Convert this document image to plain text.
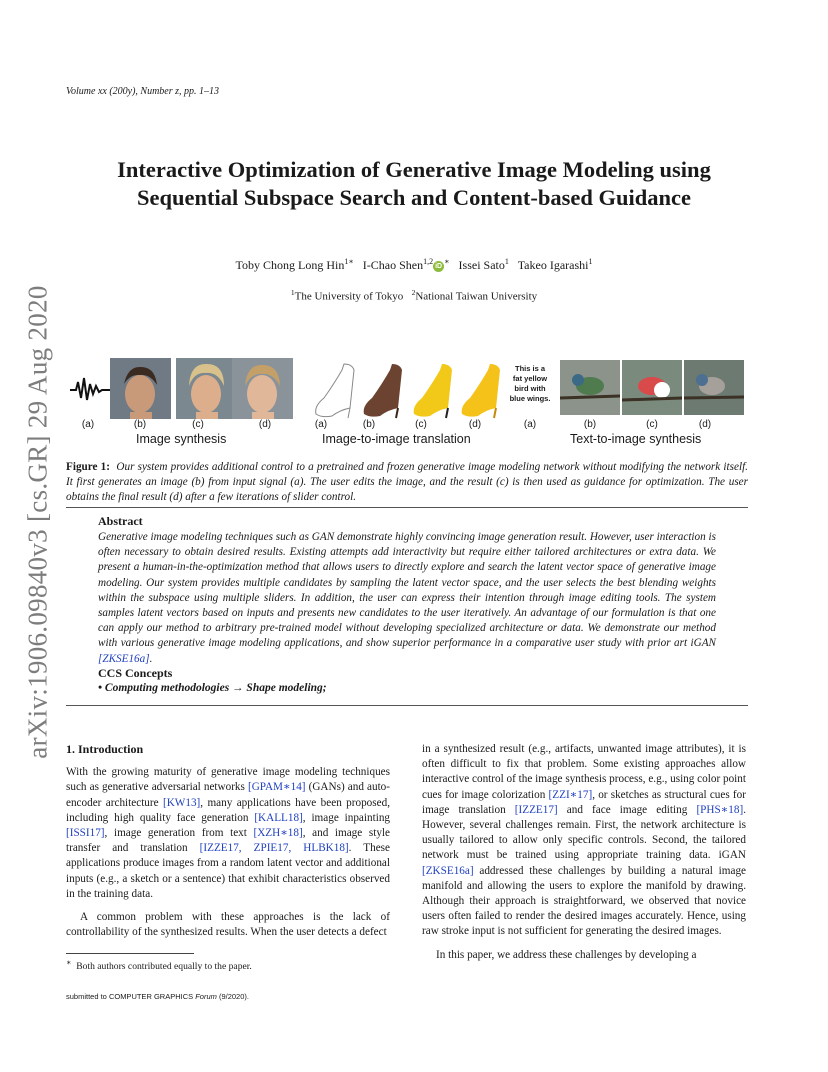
Volume xx (200y), Number z, pp. 1–13
arXiv:1906.09840v3 [cs.GR] 29 Aug 2020
Interactive Optimization of Generative Image Modeling using
Sequential Subspace Search and Content-based Guidance
Toby Chong Long Hin$^{1∗}$ I-Chao Shen$^{1,2}$iD∗ Issei Sato$^1$ Takeo Igarashi$^1$
$^1$The University of Tokyo $^2$National Taiwan University
(a)	(b)	(c)	(d)
Image synthesis
(a)	(b)	(c)	(d)
Image-to-image translation
This is a
fat yellow
bird with
blue wings.
(a)	(b)	(c)	(d)
Text-to-image synthesis
Figure 1: Our system provides additional control to a pretrained and frozen generative image modeling network without modifying the network itself. It first generates an image (b) from input signal (a). The user edits the image, and the result (c) is then used as guidance for optimization. The user obtains the final result (d) after a few iterations of slider control.
Abstract
Generative image modeling techniques such as GAN demonstrate highly convincing image generation result. However, user interaction is often necessary to obtain desired results. Existing attempts add interactivity but require either tailored architectures or extra data. We present a human-in-the-optimization method that allows users to directly explore and search the latent vector space of generative image modeling. Our system provides multiple candidates by sampling the latent vector space, and the user selects the best blending weights within the subspace using multiple sliders. In addition, the user can express their intention through image editing tools. The system samples latent vectors based on inputs and presents new candidates to the user iteratively. An advantage of our formulation is that one can apply our method to arbitrary pre-trained model without developing specialized architecture or data. We demonstrate our method with various generative image modeling applications, and show superior performance in a comparative user study with prior art iGAN [ZKSE16a].
CCS Concepts
• Computing methodologies → Shape modeling;
1. Introduction

With the growing maturity of generative image modeling techniques such as generative adversarial networks [GPAM∗14] (GANs) and auto-encoder architecture [KW13], many applications have been proposed, including high quality face generation [KALL18], image inpainting [ISSI17], image generation from text [XZH∗18], and image style transfer and translation [IZZE17, ZPIE17, HLBK18]. These applications produce images from a random latent vector and additional inputs (e.g., a sketch or a sentence) that exhibit characteristics observed in the training data.

A common problem with these approaches is the lack of controllability of the synthesized results. When the user detects a defect

∗ Both authors contributed equally to the paper.

in a synthesized result (e.g., artifacts, unwanted image attributes), it is often difficult to fix that problem. Some existing approaches allow interactive control of the image synthesis process, e.g., using color point cues for image colorization [ZZI∗17], or sketches as structural cues for image translation [IZZE17] and face image editing [PHS∗18]. However, several challenges remain. First, the network architecture is usually tailored to allow only specific controls. Second, the tailored network must be trained using appropriate training data. iGAN [ZKSE16a] addressed these challenges by building a natural image manifold and allowing the users to explore the manifold by drawing. Although their approach is straightforward, we observed that novice users often failed to render the desired images accurately. Hence, using raw stroke input is not sufficient for generating the desired images.

In this paper, we address these challenges by developing a

submitted to COMPUTER GRAPHICS Forum (9/2020).
